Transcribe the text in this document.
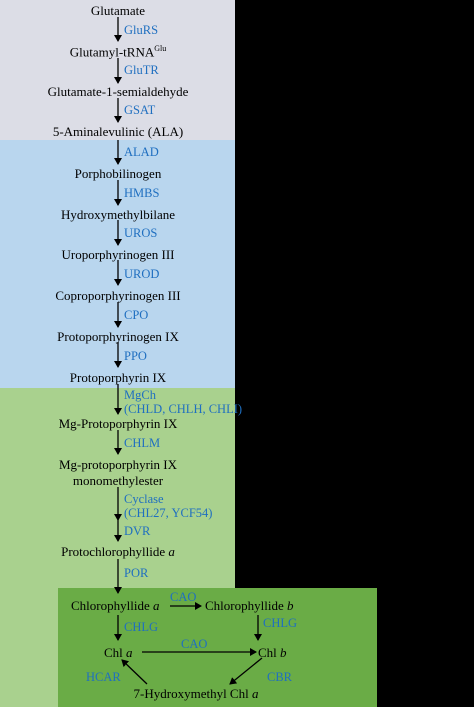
Glutamate
Glutamyl-tRNA$^{Glu}$
Glutamate-1-semialdehyde
5-Aminalevulinic (ALA)
Porphobilinogen
Hydroxymethylbilane
Uroporphyrinogen III
Coproporphyrinogen III
Protoporphyrinogen IX
Protoporphyrin IX
Mg-Protoporphyrin IX
Mg-protoporphyrin IX
monomethylester
Protochlorophyllide a
Chlorophyllide a	Chlorophyllide b
Chl a	Chl b
7-Hydroxymethyl Chl a
GluRS
GluTR
GSAT
ALAD
HMBS
UROS
UROD
CPO
PPO
MgCh
(CHLD, CHLH, CHLI)
CHLM
Cyclase
(CHL27, YCF54)
DVR
POR
CAO
CHLG
CAO
CHLG
HCAR	CBR
